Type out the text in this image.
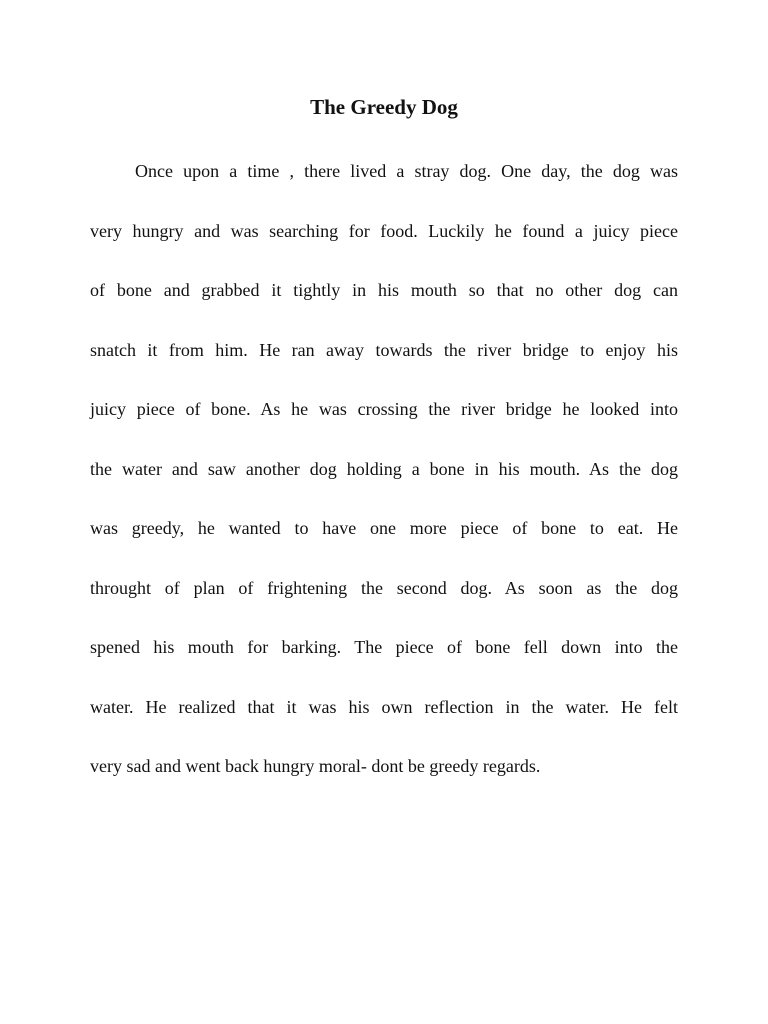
The Greedy Dog
Once upon a time , there lived a stray dog. One day, the dog was
very hungry and was searching for food. Luckily he found a juicy piece
of bone and grabbed it tightly in his mouth so that no other dog can
snatch it from him. He ran away towards the river bridge to enjoy his
juicy piece of bone. As he was crossing the river bridge he looked into
the water and saw another dog holding a bone in his mouth. As the dog
was greedy, he wanted to have one more piece of bone to eat. He
throught of plan of frightening the second dog. As soon as the dog
spened his mouth for barking. The piece of bone fell down into the
water. He realized that it was his own reflection in the water. He felt
very sad and went back hungry moral- dont be greedy regards.
